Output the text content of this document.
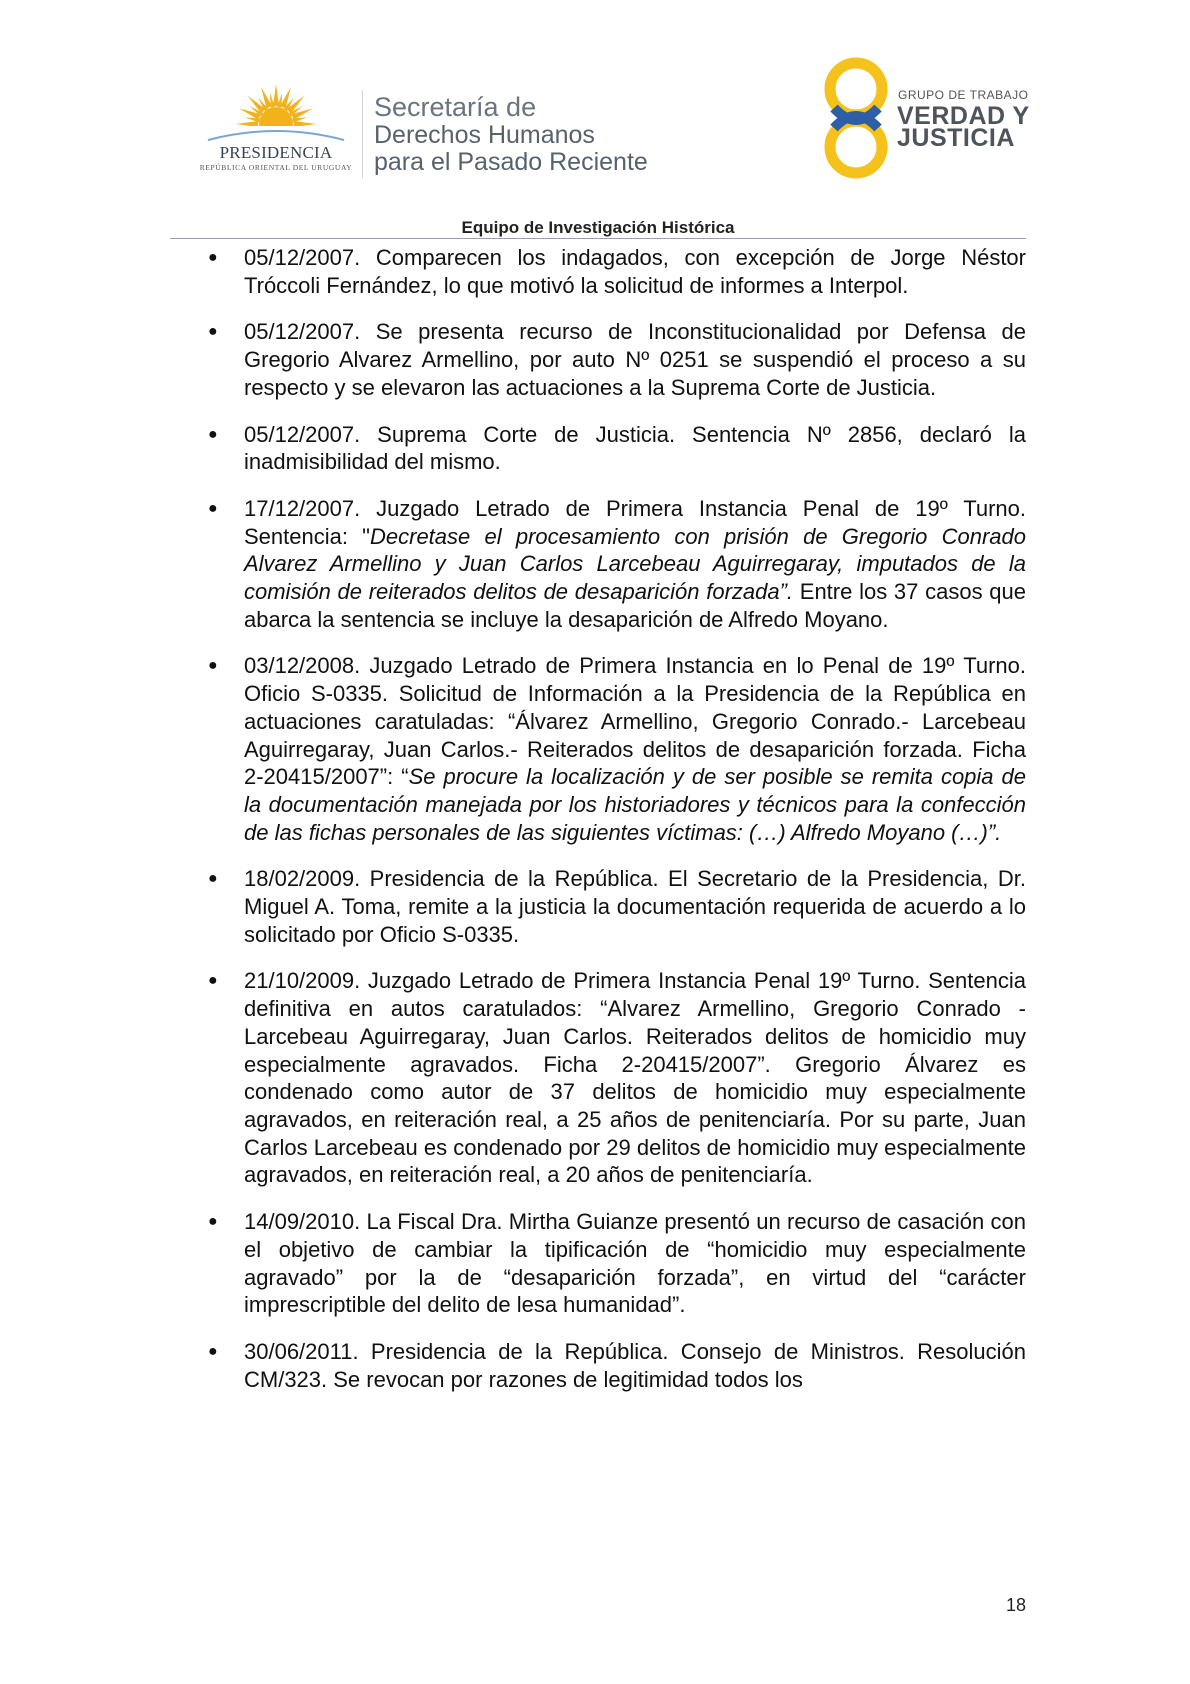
PRESIDENCIA
REPÚBLICA ORIENTAL DEL URUGUAY
Secretaría de
Derechos Humanos
para el Pasado Reciente
GRUPO DE TRABAJO
VERDAD Y
JUSTICIA
Equipo de Investigación Histórica
● 05/12/2007. Comparecen los indagados, con excepción de Jorge Néstor Tróccoli Fernández, lo que motivó la solicitud de informes a Interpol.
● 05/12/2007. Se presenta recurso de Inconstitucionalidad por Defensa de Gregorio Alvarez Armellino, por auto Nº 0251 se suspendió el proceso a su respecto y se elevaron las actuaciones a la Suprema Corte de Justicia.
● 05/12/2007. Suprema Corte de Justicia. Sentencia Nº 2856, declaró la inadmisibilidad del mismo.
● 17/12/2007. Juzgado Letrado de Primera Instancia Penal de 19º Turno. Sentencia: "Decretase el procesamiento con prisión de Gregorio Conrado Alvarez Armellino y Juan Carlos Larcebeau Aguirregaray, imputados de la comisión de reiterados delitos de desaparición forzada”. Entre los 37 casos que abarca la sentencia se incluye la desaparición de Alfredo Moyano.
● 03/12/2008. Juzgado Letrado de Primera Instancia en lo Penal de 19º Turno. Oficio S-0335. Solicitud de Información a la Presidencia de la República en actuaciones caratuladas: “Álvarez Armellino, Gregorio Conrado.- Larcebeau Aguirregaray, Juan Carlos.- Reiterados delitos de desaparición forzada. Ficha 2-20415/2007”: “Se procure la localización y de ser posible se remita copia de la documentación manejada por los historiadores y técnicos para la confección de las fichas personales de las siguientes víctimas: (…) Alfredo Moyano (…)”.
● 18/02/2009. Presidencia de la República. El Secretario de la Presidencia, Dr. Miguel A. Toma, remite a la justicia la documentación requerida de acuerdo a lo solicitado por Oficio S-0335.
● 21/10/2009. Juzgado Letrado de Primera Instancia Penal 19º Turno. Sentencia definitiva en autos caratulados: “Alvarez Armellino, Gregorio Conrado - Larcebeau Aguirregaray, Juan Carlos. Reiterados delitos de homicidio muy especialmente agravados. Ficha 2-20415/2007”. Gregorio Álvarez es condenado como autor de 37 delitos de homicidio muy especialmente agravados, en reiteración real, a 25 años de penitenciaría. Por su parte, Juan Carlos Larcebeau es condenado por 29 delitos de homicidio muy especialmente agravados, en reiteración real, a 20 años de penitenciaría.
● 14/09/2010. La Fiscal Dra. Mirtha Guianze presentó un recurso de casación con el objetivo de cambiar la tipificación de “homicidio muy especialmente agravado” por la de “desaparición forzada”, en virtud del “carácter imprescriptible del delito de lesa humanidad”.
● 30/06/2011. Presidencia de la República. Consejo de Ministros. Resolución CM/323. Se revocan por razones de legitimidad todos los
18
